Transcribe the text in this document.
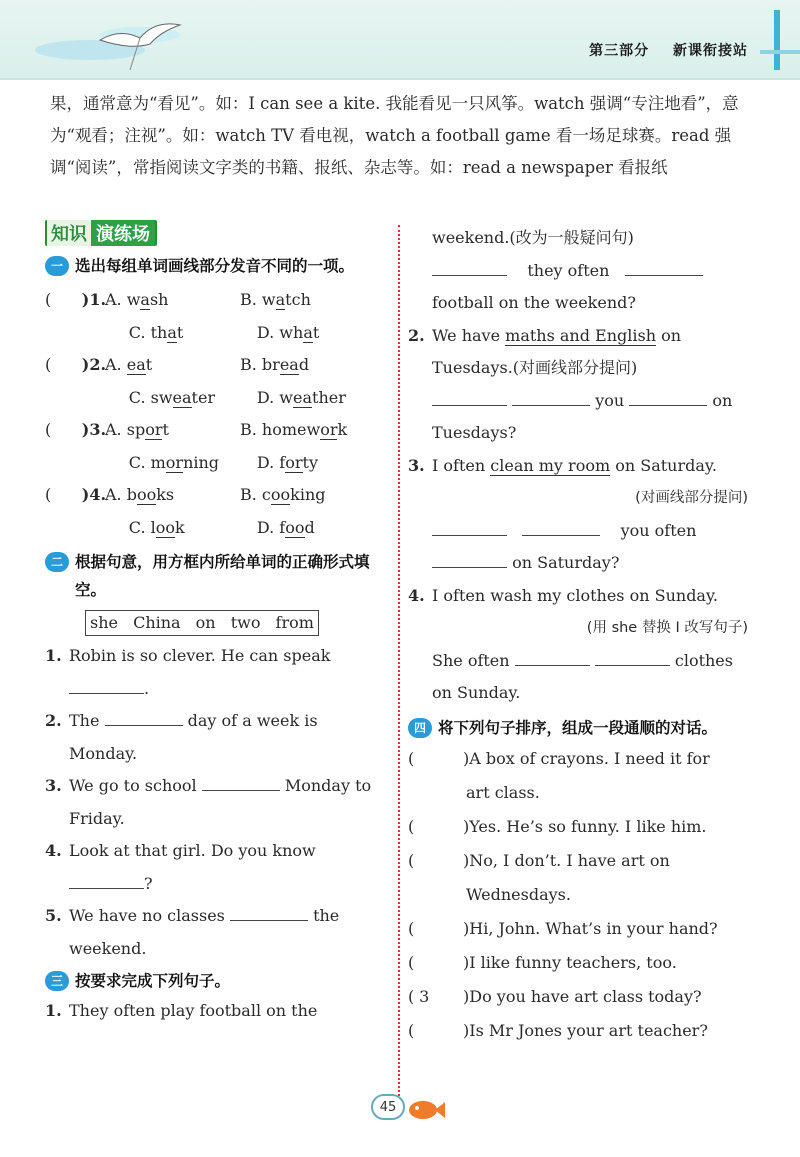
第三部分 新课衔接站
果，通常意为“看见”。如：I can see a kite. 我能看见一只风筝。watch 强调“专注地看”，意为“观看；注视”。如：watch TV 看电视，watch a football game 看一场足球赛。read 强调“阅读”，常指阅读文字类的书籍、报纸、杂志等。如：read a newspaper 看报纸
知识 演练场
一 选出每组单词画线部分发音不同的一项。
(      )1.
A. wash	B. watch
C. that	D. what
(      )2.
A. eat	B. bread
C. sweater	D. weather
(      )3.
A. sport	B. homework
C. morning	D. forty
(      )4.
A. books	B. cooking
C. look	D. food
二 根据句意，用方框内所给单词的正确形式填空。
she China on two from
1. Robin is so clever. He can speak
.
2. The	day of a week is
Monday.
3. We go to school	Monday to
Friday.
4. Look at that girl. Do you know
?
5. We have no classes	the
weekend.
三 按要求完成下列句子。
1. They often play football on the
weekend.(改为一般疑问句)
they often
football on the weekend?
2. We have maths and English on
Tuesdays.(对画线部分提问)
you	on
Tuesdays?
3. I often clean my room on Saturday.
(对画线部分提问)
you often
on Saturday?
4. I often wash my clothes on Sunday.
(用 she 替换 I 改写句子)
She often	clothes
on Sunday.
四 将下列句子排序，组成一段通顺的对话。
(	)A box of crayons. I need it for
art class.
(	)Yes. He’s so funny. I like him.
(	)No, I don’t. I have art on
Wednesdays.
(	)Hi, John. What’s in your hand?
(	)I like funny teachers, too.
( 3	)Do you have art class today?
(	)Is Mr Jones your art teacher?
45
